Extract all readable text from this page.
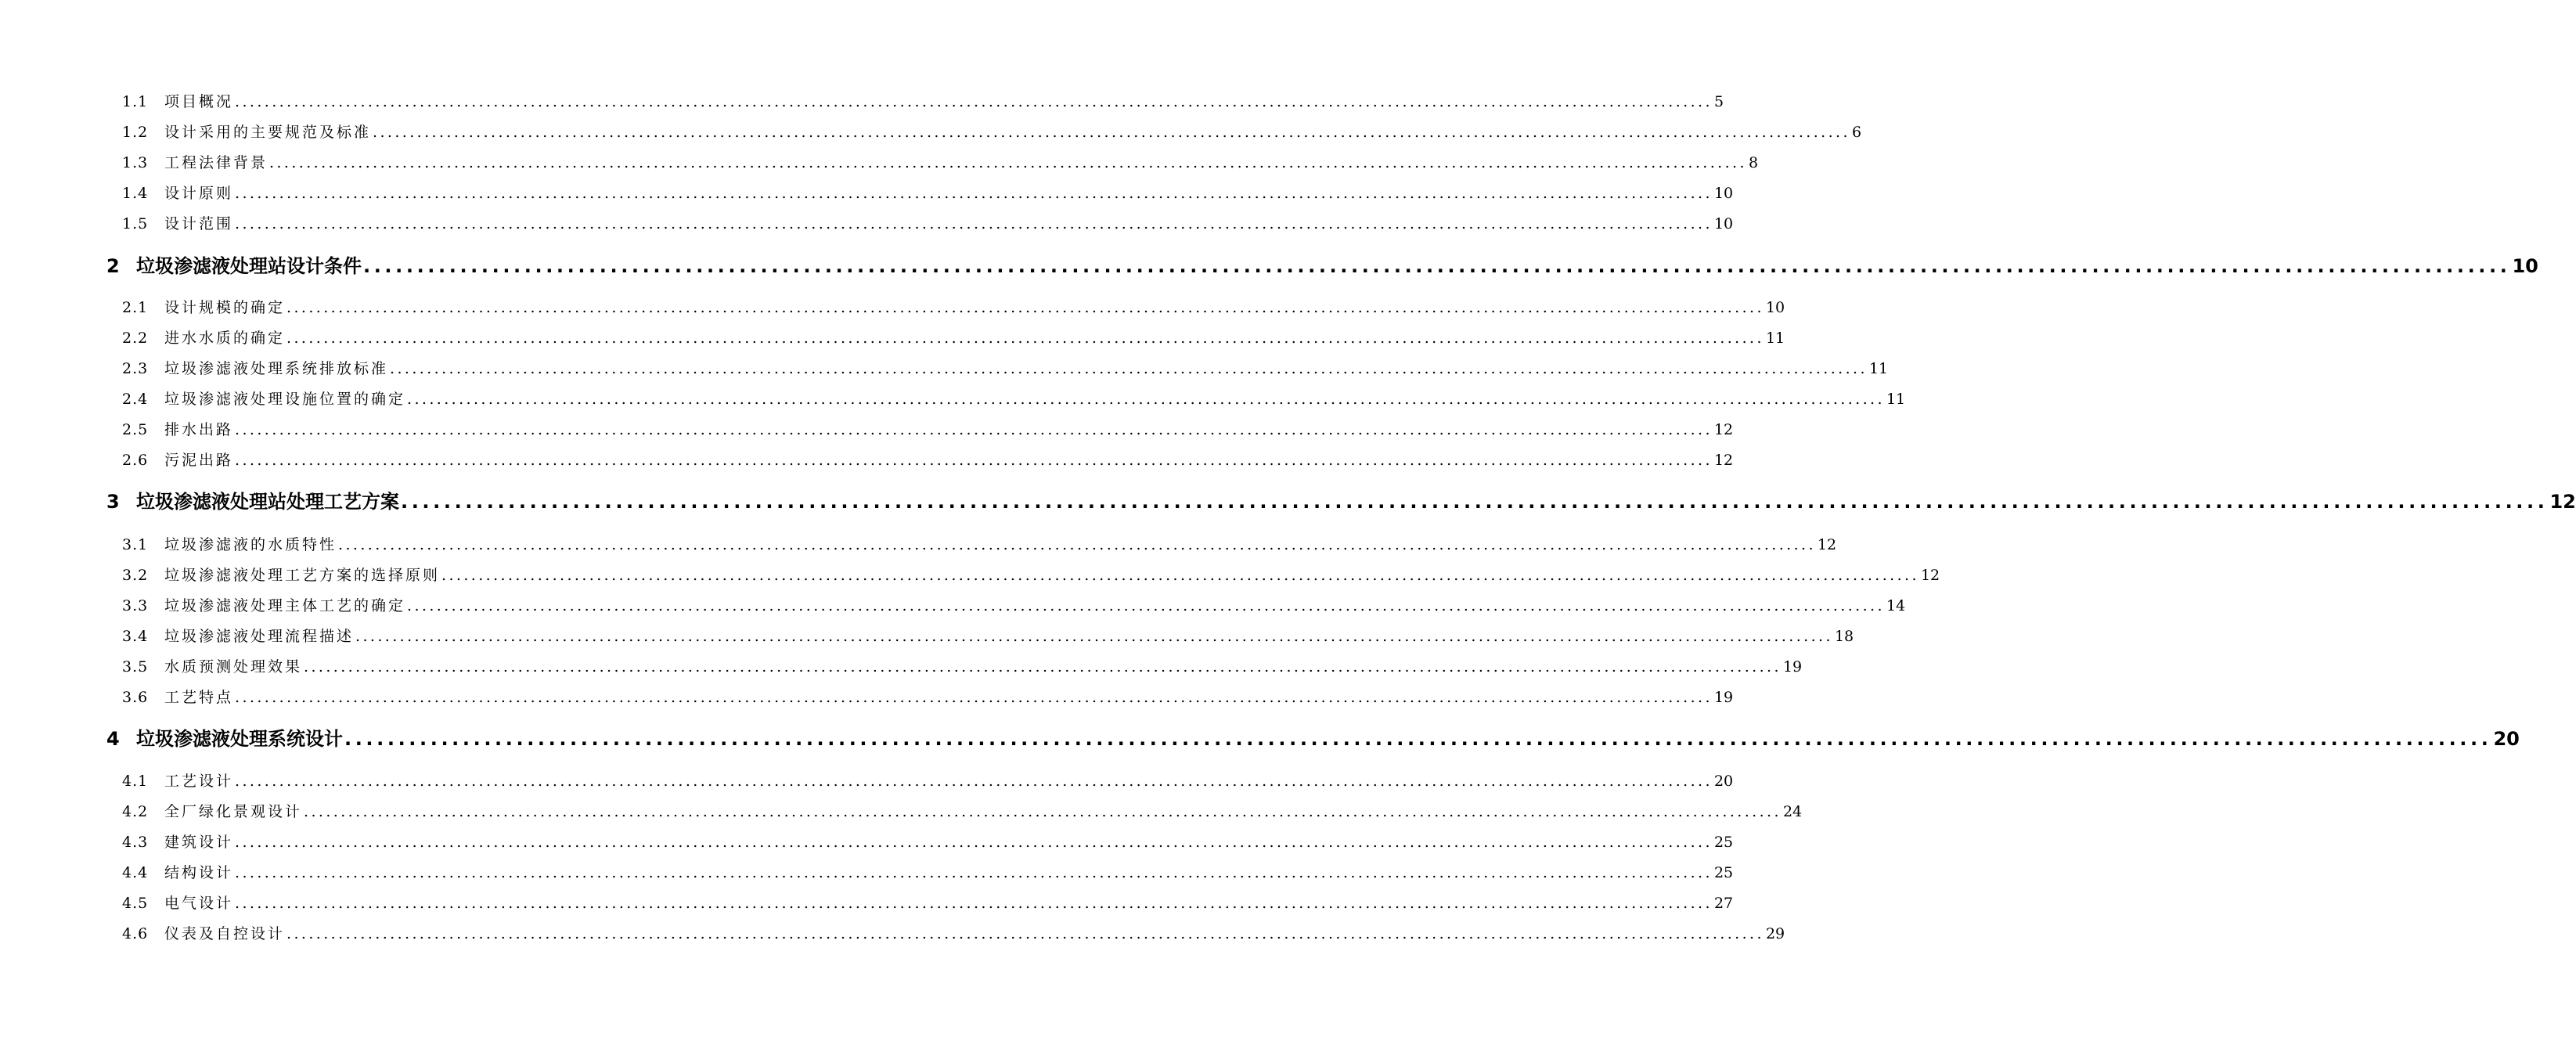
1.1	项目概况 ........................................................................................................................................................................................................ 5
1.2	设计采用的主要规范及标准 ........................................................................................................................................................................................................ 6
1.3	工程法律背景 ........................................................................................................................................................................................................ 8
1.4	设计原则 ........................................................................................................................................................................................................ 10
1.5	设计范围 ........................................................................................................................................................................................................ 10
2 垃圾渗滤液处理站设计条件 ........................................................................................................................................................................................................ 10
2.1	设计规模的确定 ........................................................................................................................................................................................................ 10
2.2	进水水质的确定 ........................................................................................................................................................................................................ 11
2.3	垃圾渗滤液处理系统排放标准 ........................................................................................................................................................................................................ 11
2.4	垃圾渗滤液处理设施位置的确定 ........................................................................................................................................................................................................ 11
2.5	排水出路 ........................................................................................................................................................................................................ 12
2.6	污泥出路 ........................................................................................................................................................................................................ 12
3 垃圾渗滤液处理站处理工艺方案 ........................................................................................................................................................................................................ 12
3.1	垃圾渗滤液的水质特性 ........................................................................................................................................................................................................ 12
3.2	垃圾渗滤液处理工艺方案的选择原则 ........................................................................................................................................................................................................ 12
3.3	垃圾渗滤液处理主体工艺的确定 ........................................................................................................................................................................................................ 14
3.4	垃圾渗滤液处理流程描述 ........................................................................................................................................................................................................ 18
3.5	水质预测处理效果 ........................................................................................................................................................................................................ 19
3.6	工艺特点 ........................................................................................................................................................................................................ 19
4 垃圾渗滤液处理系统设计 ........................................................................................................................................................................................................ 20
4.1	工艺设计 ........................................................................................................................................................................................................ 20
4.2	全厂绿化景观设计 ........................................................................................................................................................................................................ 24
4.3	建筑设计 ........................................................................................................................................................................................................ 25
4.4	结构设计 ........................................................................................................................................................................................................ 25
4.5	电气设计 ........................................................................................................................................................................................................ 27
4.6	仪表及自控设计 ........................................................................................................................................................................................................ 29
